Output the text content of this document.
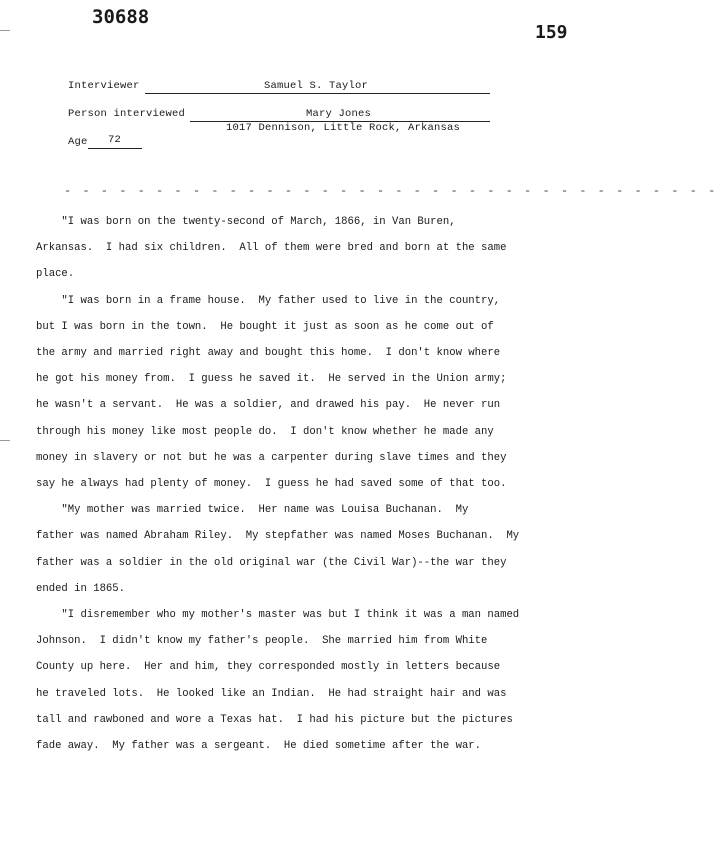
30688
159
Interviewer	Samuel S. Taylor
Person interviewed	Mary Jones
1017 Dennison, Little Rock, Arkansas
Age 72
- - - - - - - - - - - - - - - - - - - - - - - - - - - - - - - - - - - -
"I was born on the twenty-second of March, 1866, in Van Buren,
Arkansas.  I had six children.  All of them were bred and born at the same
place.
"I was born in a frame house.  My father used to live in the country,
but I was born in the town.  He bought it just as soon as he come out of
the army and married right away and bought this home.  I don't know where
he got his money from.  I guess he saved it.  He served in the Union army;
he wasn't a servant.  He was a soldier, and drawed his pay.  He never run
through his money like most people do.  I don't know whether he made any
money in slavery or not but he was a carpenter during slave times and they
say he always had plenty of money.  I guess he had saved some of that too.
"My mother was married twice.  Her name was Louisa Buchanan.  My
father was named Abraham Riley.  My stepfather was named Moses Buchanan.  My
father was a soldier in the old original war (the Civil War)--the war they
ended in 1865.
"I disremember who my mother's master was but I think it was a man named
Johnson.  I didn't know my father's people.  She married him from White
County up here.  Her and him, they corresponded mostly in letters because
he traveled lots.  He looked like an Indian.  He had straight hair and was
tall and rawboned and wore a Texas hat.  I had his picture but the pictures
fade away.  My father was a sergeant.  He died sometime after the war.
